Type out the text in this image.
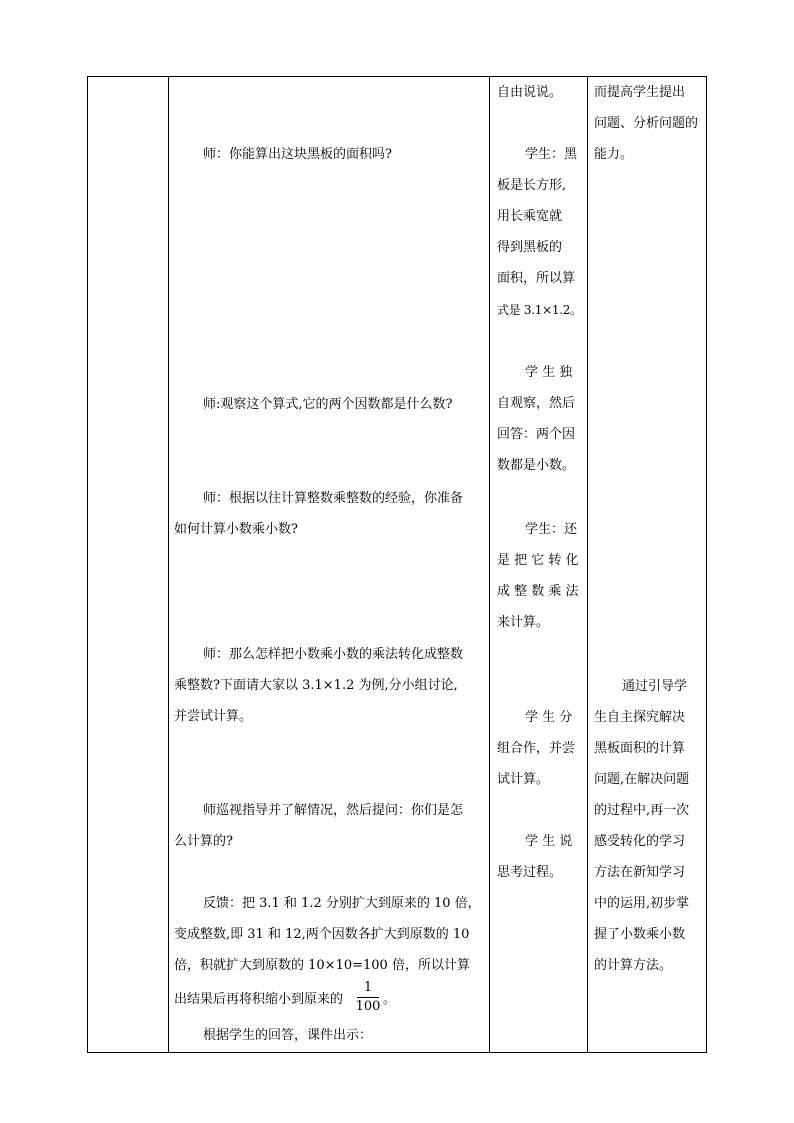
师：你能算出这块黑板的面积吗?

师:观察这个算式,它的两个因数都是什么数?

师：根据以往计算整数乘整数的经验，你准备

如何计算小数乘小数?

师：那么怎样把小数乘小数的乘法转化成整数

乘整数?下面请大家以 3.1×1.2 为例,分小组讨论,

并尝试计算。

师巡视指导并了解情况，然后提问：你们是怎

么计算的?

反馈：把 3.1 和 1.2 分别扩大到原来的 10 倍，

变成整数,即 31 和 12,两个因数各扩大到原数的 10

倍，积就扩大到原数的 10×10=100 倍，所以计算

出结果后再将积缩小到原来的

1
100 。

根据学生的回答，课件出示：

自由说说。

学生：黑

板是长方形,

用长乘宽就

得到黑板的

面积，所以算

式是 3.1×1.2。

学 生 独

自观察，然后

回答：两个因

数都是小数。

学生：还

是 把 它 转 化

成 整 数 乘 法

来计算。

学 生 分

组合作，并尝

试计算。

学 生 说

思考过程。

而提高学生提出

问题、分析问题的

能力。

通过引导学

生自主探究解决

黑板面积的计算

问题,在解决问题

的过程中,再一次

感受转化的学习

方法在新知学习

中的运用,初步掌

握了小数乘小数

的计算方法。
